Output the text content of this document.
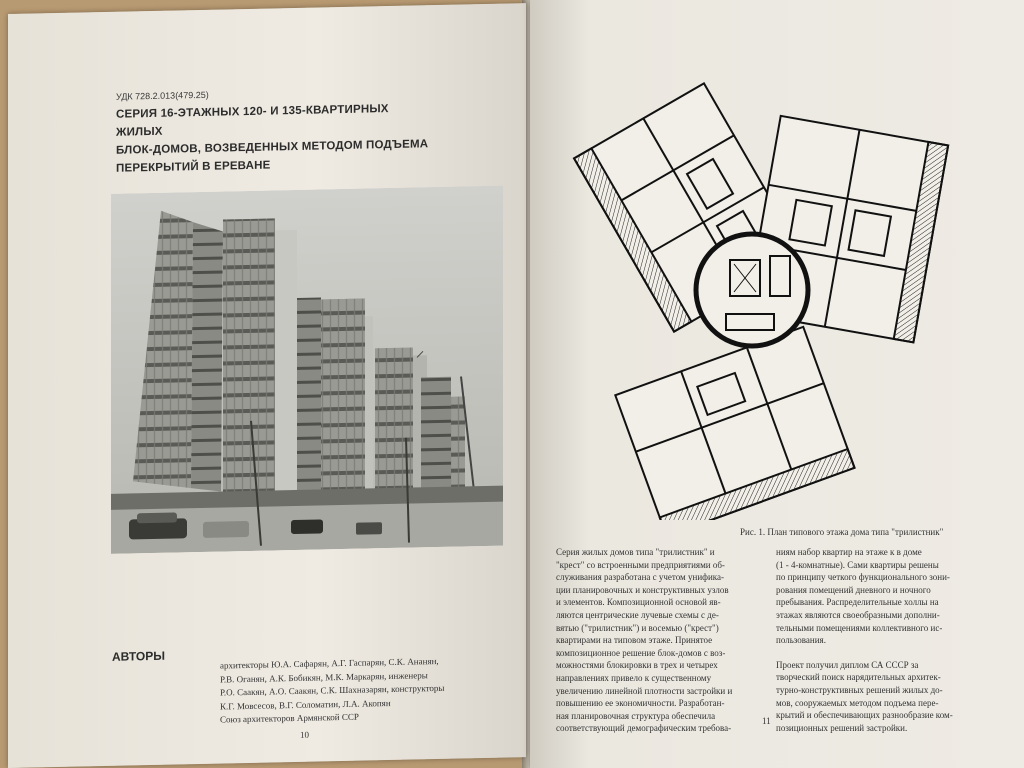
УДК 728.2.013(479.25)
СЕРИЯ 16-ЭТАЖНЫХ 120- И 135-КВАРТИРНЫХ ЖИЛЫХ
БЛОК-ДОМОВ, ВОЗВЕДЕННЫХ МЕТОДОМ ПОДЪЕМА
ПЕРЕКРЫТИЙ В ЕРЕВАНЕ
АВТОРЫ	архитекторы Ю.А. Сафарян, А.Г. Гаспарян, С.К. Ананян,
Р.В. Оганян, А.К. Бобикян, М.К. Маркарян, инженеры
Р.О. Саакян, А.О. Саакян, С.К. Шахназарян, конструкторы
К.Г. Мовсесов, В.Г. Соломатин, Л.А. Акопян
Союз архитекторов Армянской ССР
10
Рис. 1. План типового этажа дома типа "трилистник"
Серия жилых домов типа "трилистник" и
"крест" со встроенными предприятиями об-
служивания разработана с учетом унифика-
ции планировочных и конструктивных узлов
и элементов. Композиционной основой яв-
ляются центрические лучевые схемы с де-
вятью ("трилистник") и восемью ("крест")
квартирами на типовом этаже. Принятое
композиционное решение блок-домов с воз-
можностями блокировки в трех и четырех
направлениях привело к существенному
увеличению линейной плотности застройки и
повышению ее экономичности. Разработан-
ная планировочная структура обеспечила
соответствующий демографическим требова-
ниям набор квартир на этаже к в доме
(1 - 4-комнатные). Сами квартиры решены
по принципу четкого функционального зони-
рования помещений дневного и ночного
пребывания. Распределительные холлы на
этажах являются своеобразными дополни-
тельными помещениями коллективного ис-
пользования.
Проект получил диплом СА СССР за
творческий поиск нарядительных архитек-
турно-конструктивных решений жилых до-
мов, сооружаемых методом подъема пере-
крытий и обеспечивающих разнообразие ком-
позиционных решений застройки.
11
